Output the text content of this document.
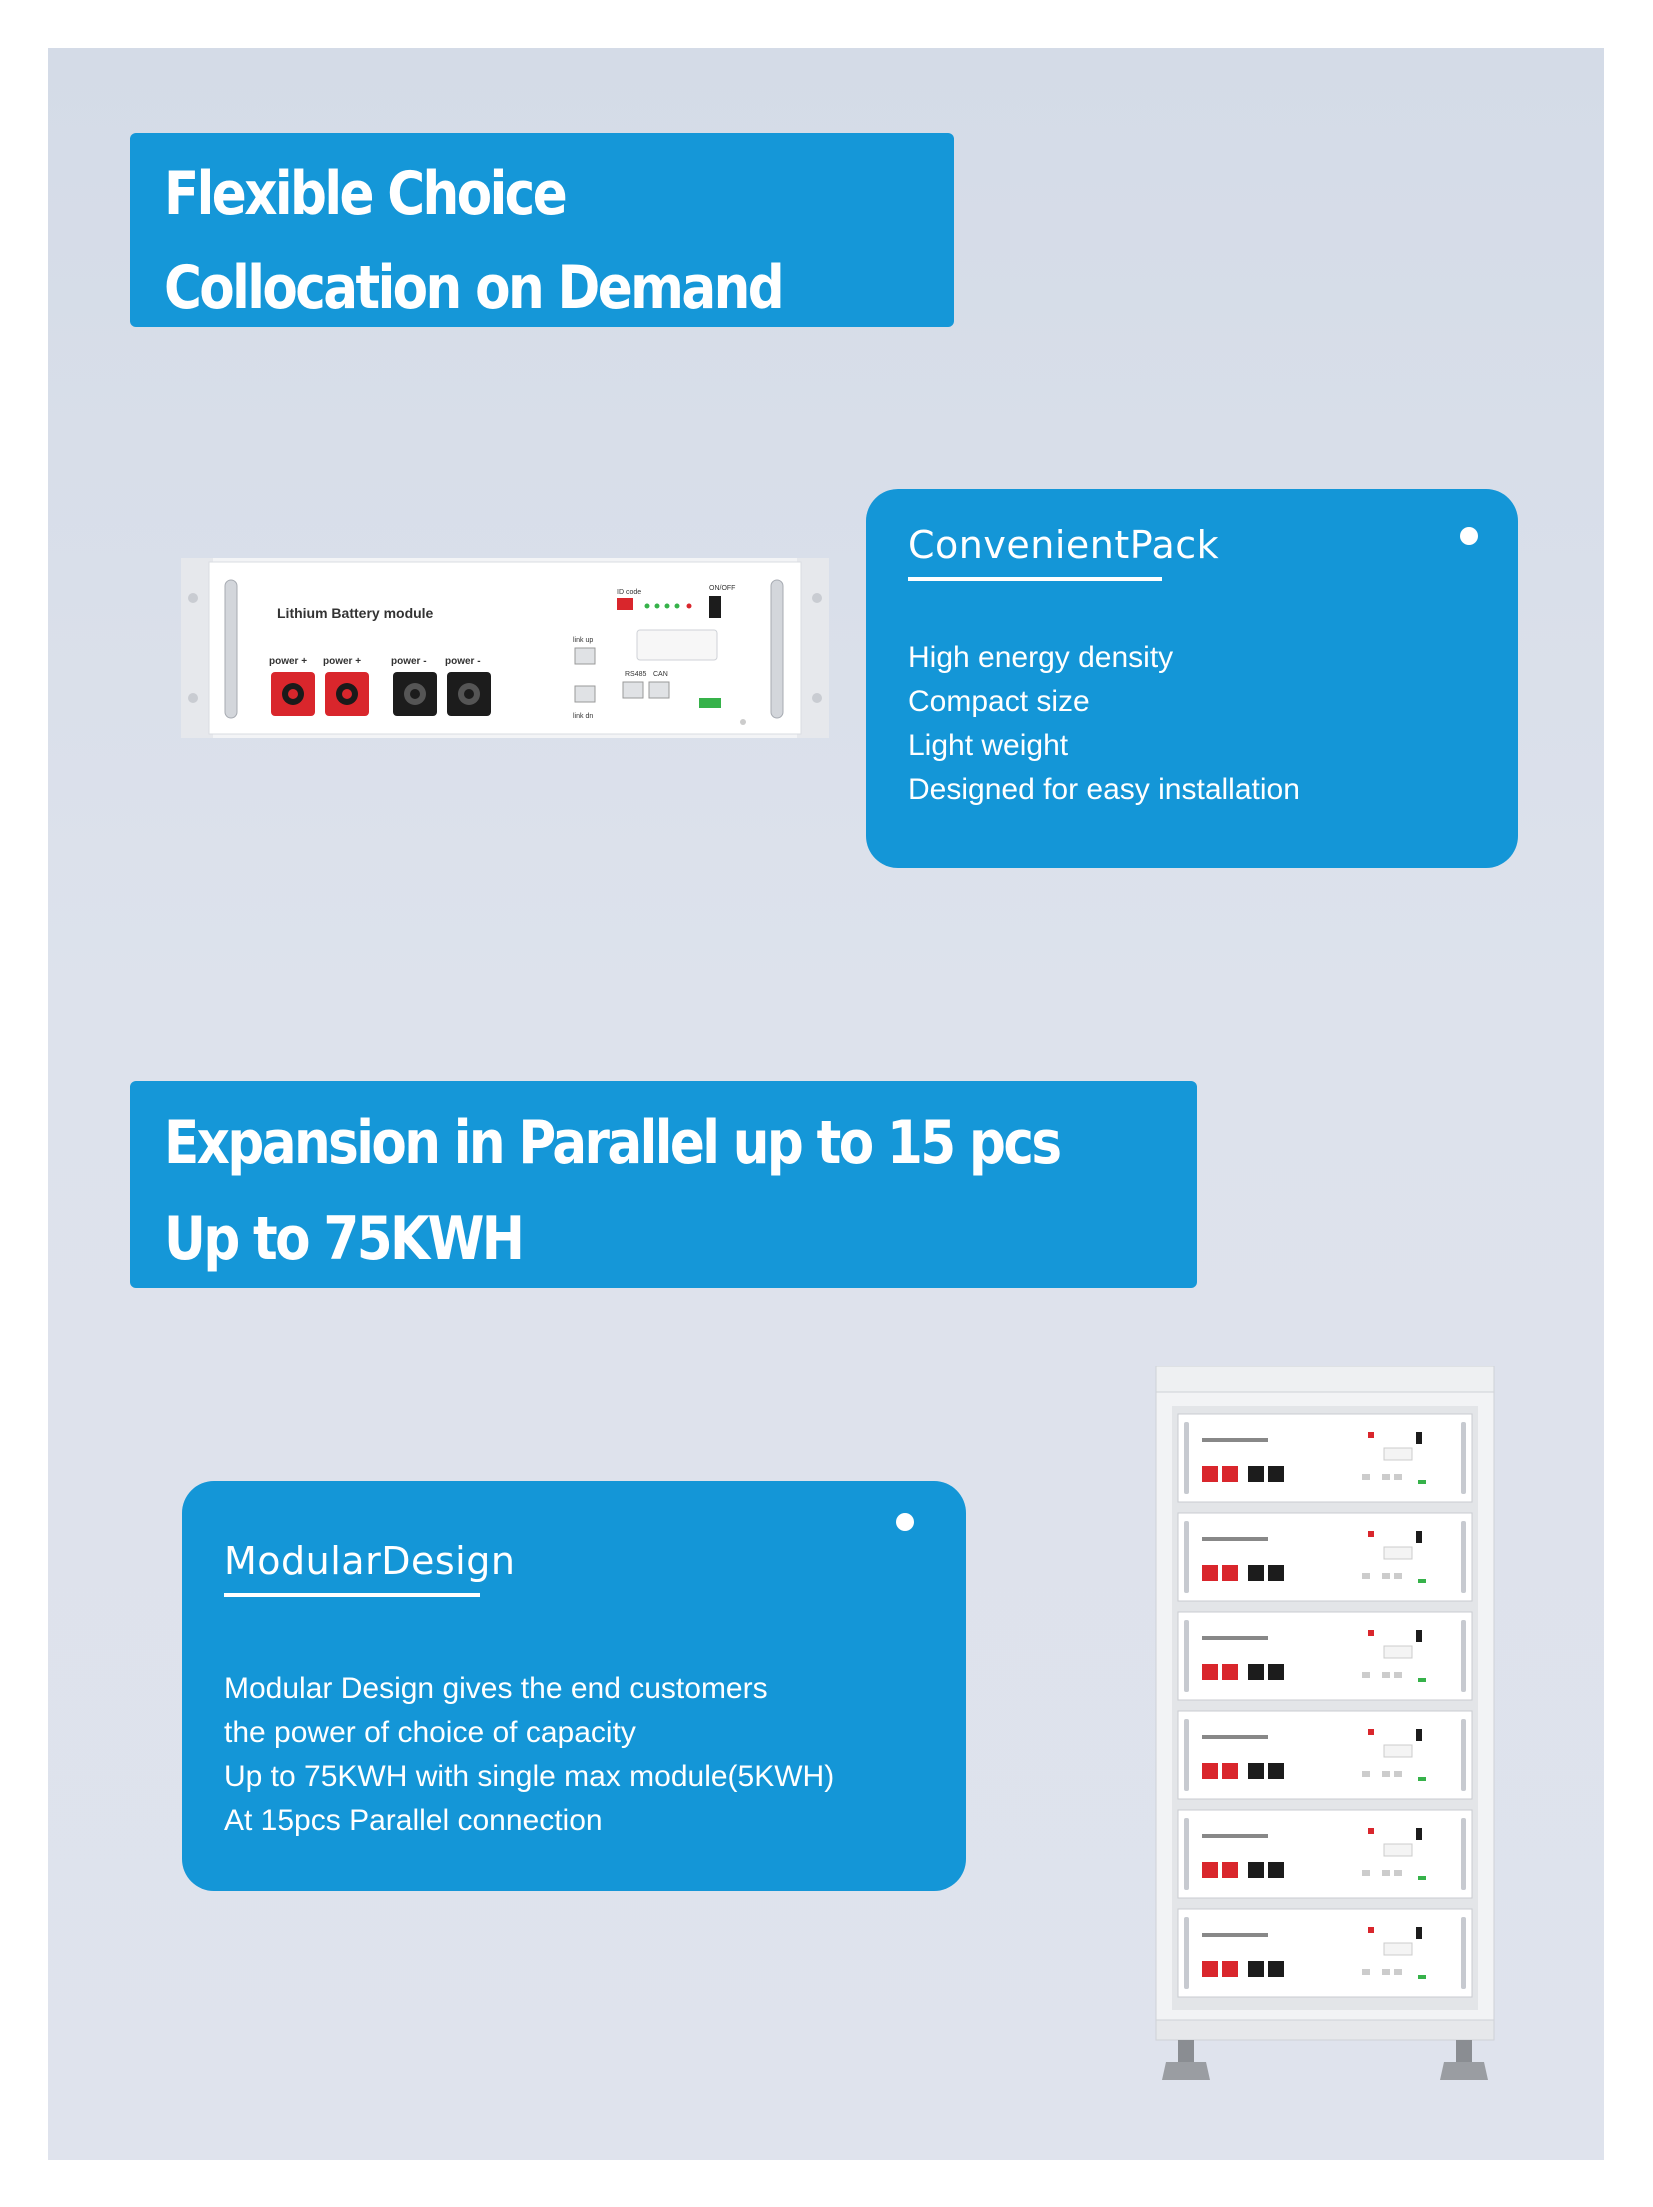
Flexible Choice
Collocation on Demand
Lithium Battery module
power + power +	power - power -
ID code
ON/OFF
link up
link dn
RS485 CAN
ConvenientPack
High energy density
Compact size
Light weight
Designed for easy installation
Expansion in Parallel up to 15 pcs
Up to 75KWH
ModularDesign
Modular Design gives the end customers
the power of choice of capacity
Up to 75KWH with single max module(5KWH)
At 15pcs Parallel connection
